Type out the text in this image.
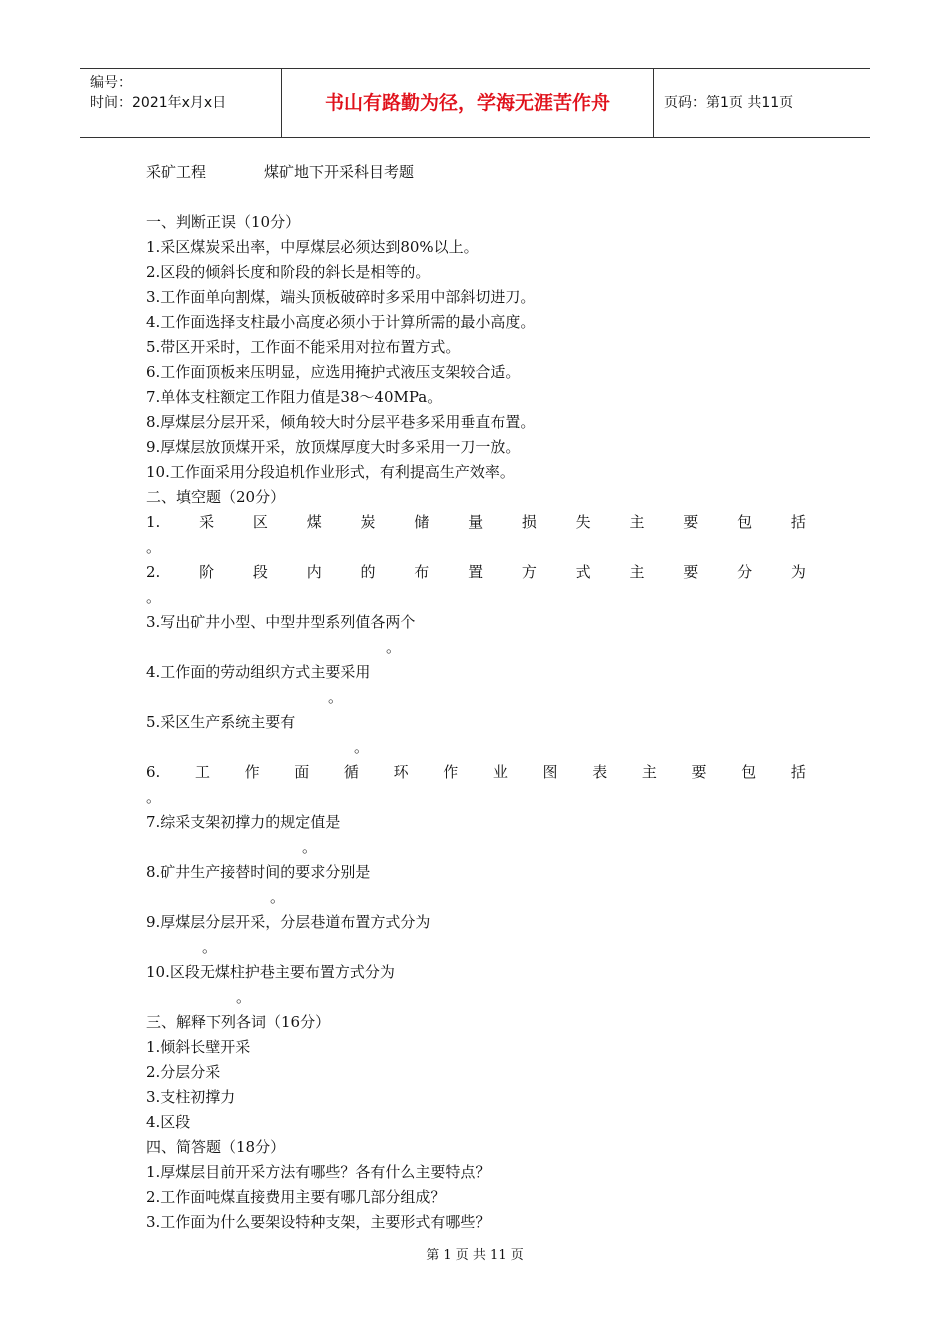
编号：
时间：2021年x月x日	书山有路勤为径，学海无涯苦作舟	页码：第1页 共11页
采矿工程	煤矿地下开采科目考题
一、判断正误（10分）
1.采区煤炭采出率，中厚煤层必须达到80%以上。
2.区段的倾斜长度和阶段的斜长是相等的。
3.工作面单向割煤，端头顶板破碎时多采用中部斜切进刀。
4.工作面选择支柱最小高度必须小于计算所需的最小高度。
5.带区开采时，工作面不能采用对拉布置方式。
6.工作面顶板来压明显，应选用掩护式液压支架较合适。
7.单体支柱额定工作阻力值是38～40MPa。
8.厚煤层分层开采，倾角较大时分层平巷多采用垂直布置。
9.厚煤层放顶煤开采，放顶煤厚度大时多采用一刀一放。
10.工作面采用分段追机作业形式，有利提高生产效率。
二、填空题（20分）
1.	采	区	煤	炭	储	量	损	失	主	要	包	括
。
2.	阶	段	内	的	布	置	方	式	主	要	分	为
。
3.写出矿井小型、中型井型系列值各两个
。
4.工作面的劳动组织方式主要采用
。
5.采区生产系统主要有
。
6. 工 作 面 循 环 作 业 图 表 主 要 包 括
。
7.综采支架初撑力的规定值是
。
8.矿井生产接替时间的要求分别是
。
9.厚煤层分层开采，分层巷道布置方式分为
。
10.区段无煤柱护巷主要布置方式分为
。
三、解释下列各词（16分）
1.倾斜长壁开采
2.分层分采
3.支柱初撑力
4.区段
四、简答题（18分）
1.厚煤层目前开采方法有哪些？各有什么主要特点？
2.工作面吨煤直接费用主要有哪几部分组成？
3.工作面为什么要架设特种支架，主要形式有哪些？
第 1 页 共 11 页
